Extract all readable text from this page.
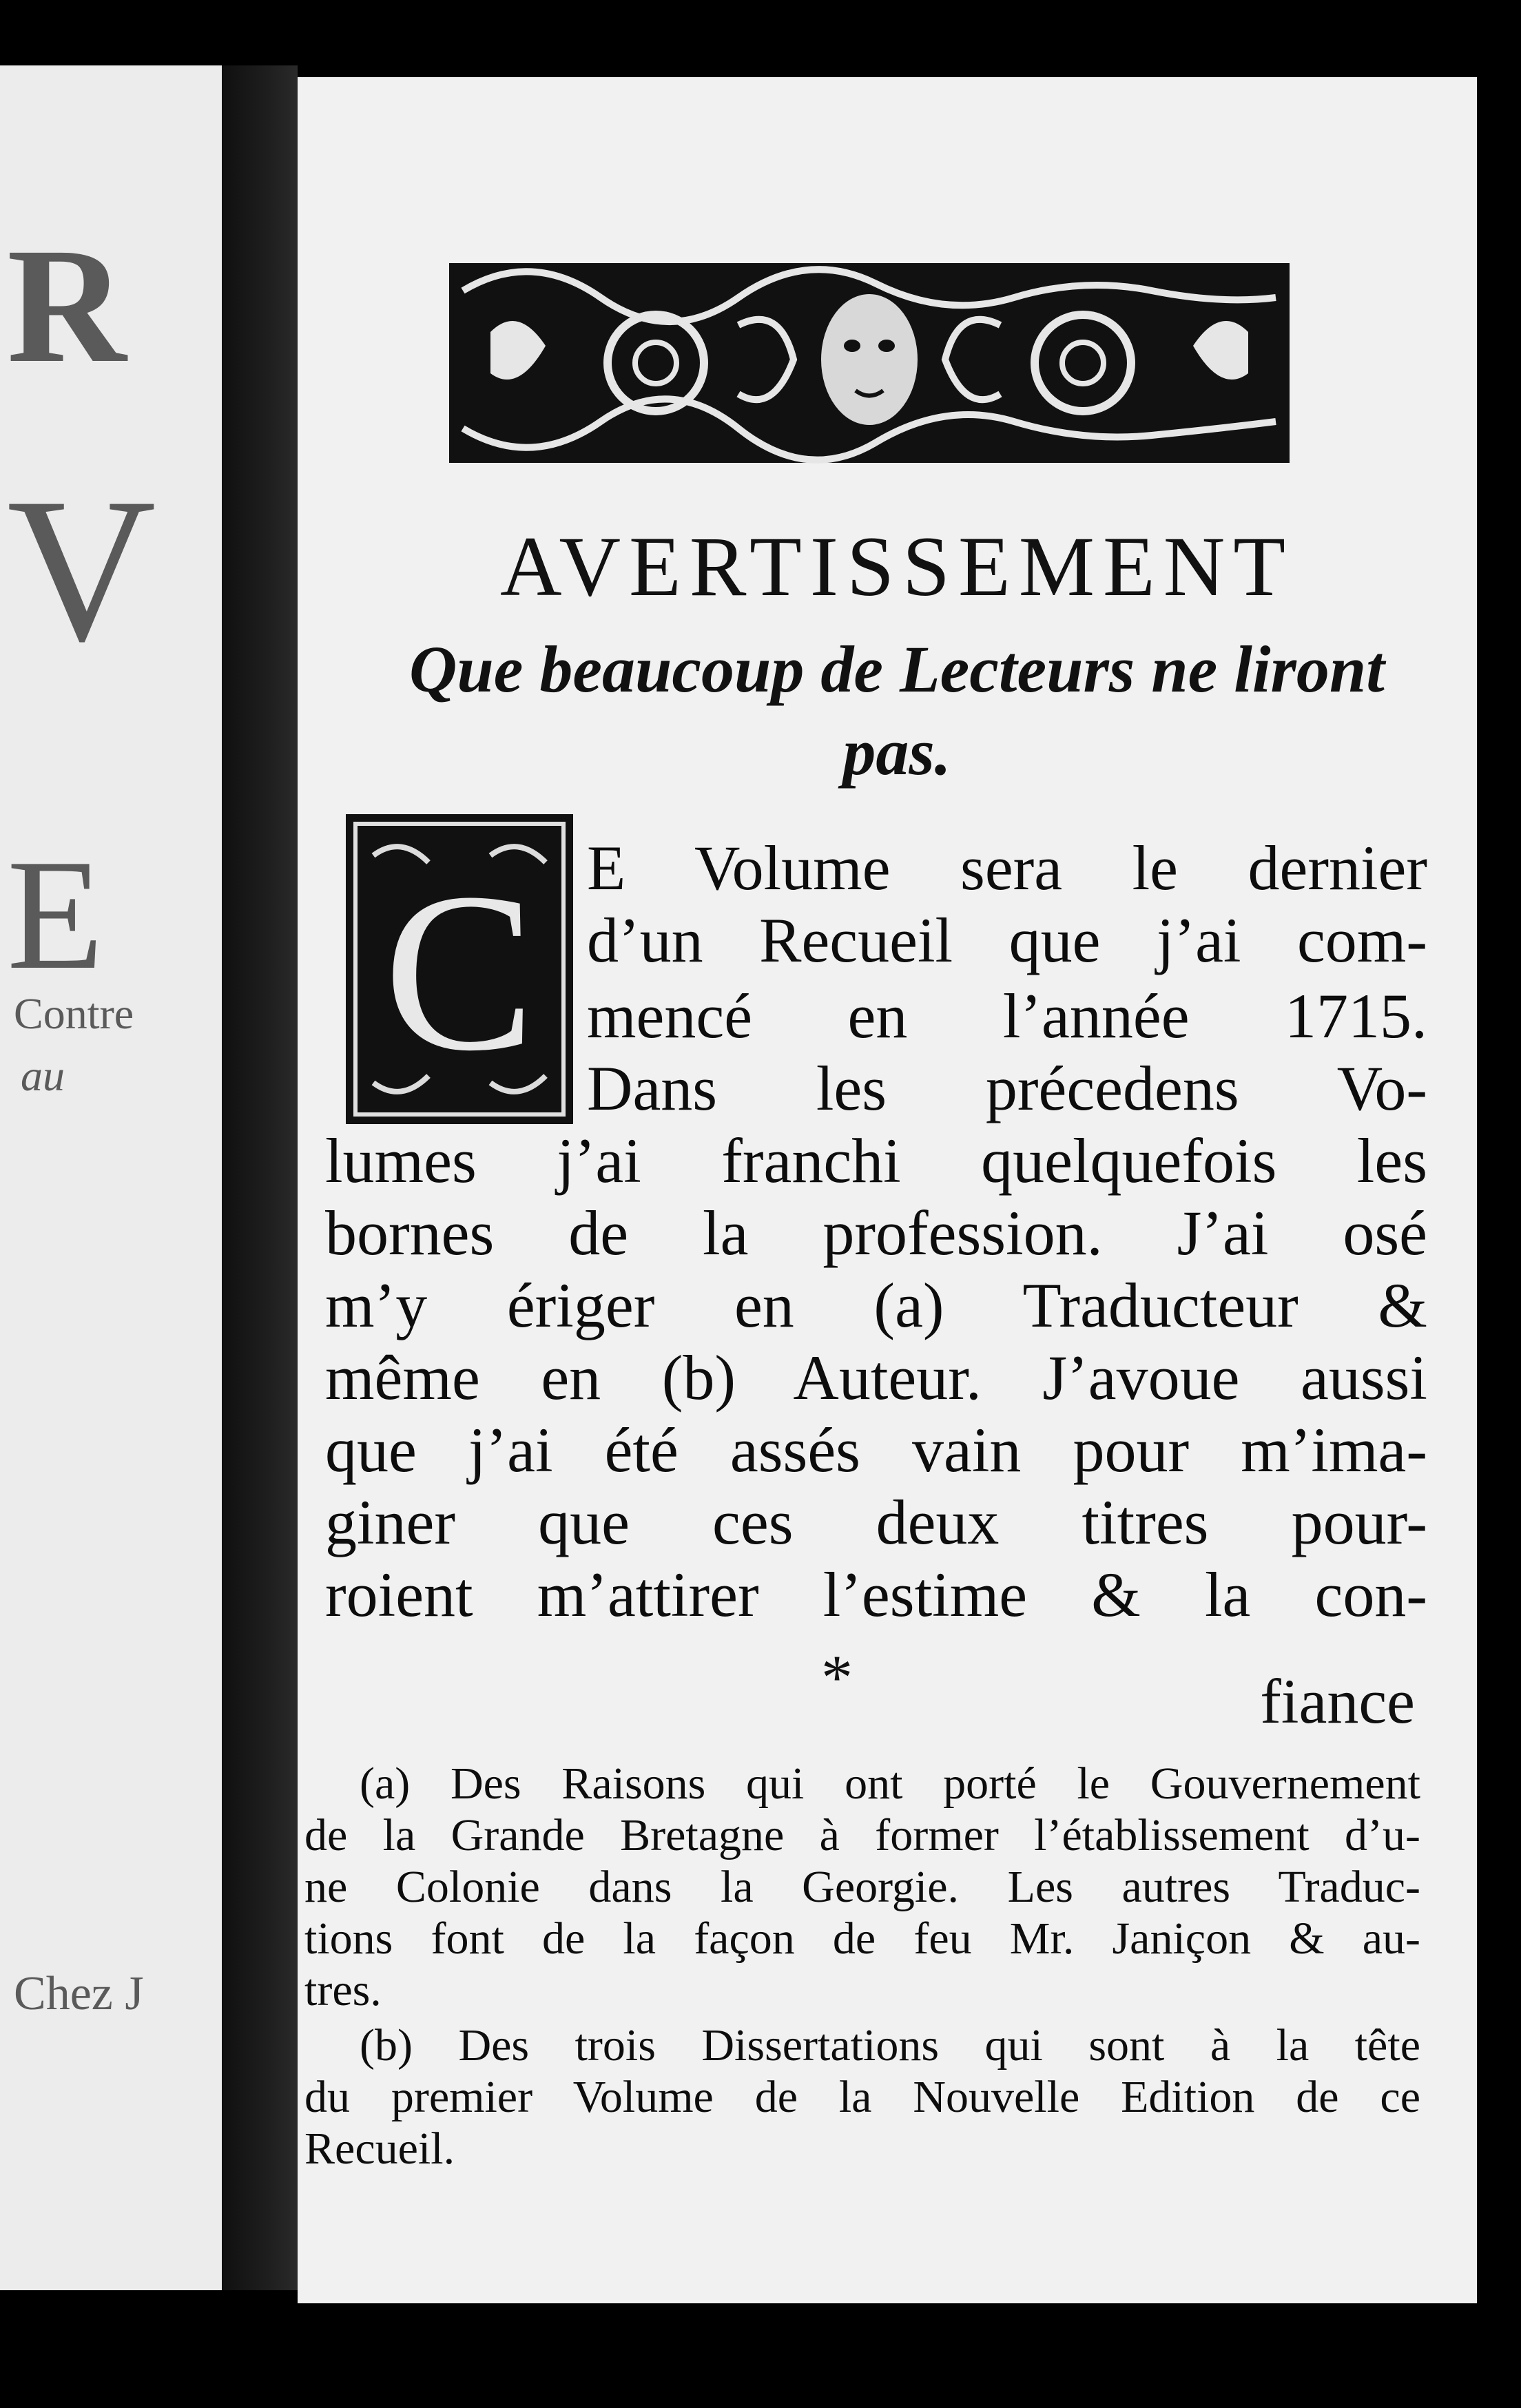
R
V
E
Contre
au
Chez J
AVERTISSEMENT
Que beaucoup de Lecteurs ne liront
pas.
C E Volume sera le dernier
d’un Recueil que j’ai com-
mencé en l’année 1715.
Dans les précedens Vo-
lumes j’ai franchi quelquefois les
bornes de la profession. J’ai osé
m’y ériger en (a) Traducteur &
même en (b) Auteur. J’avoue aussi
que j’ai été assés vain pour m’ima-
giner que ces deux titres pour-
roient m’attirer l’estime & la con-
*	fiance
(a) Des Raisons qui ont porté le Gouvernement
de la Grande Bretagne à former l’établissement d’u-
ne Colonie dans la Georgie. Les autres Traduc-
tions font de la façon de feu Mr. Janiçon & au-
tres.
(b) Des trois Dissertations qui sont à la tête
du premier Volume de la Nouvelle Edition de ce
Recueil.
